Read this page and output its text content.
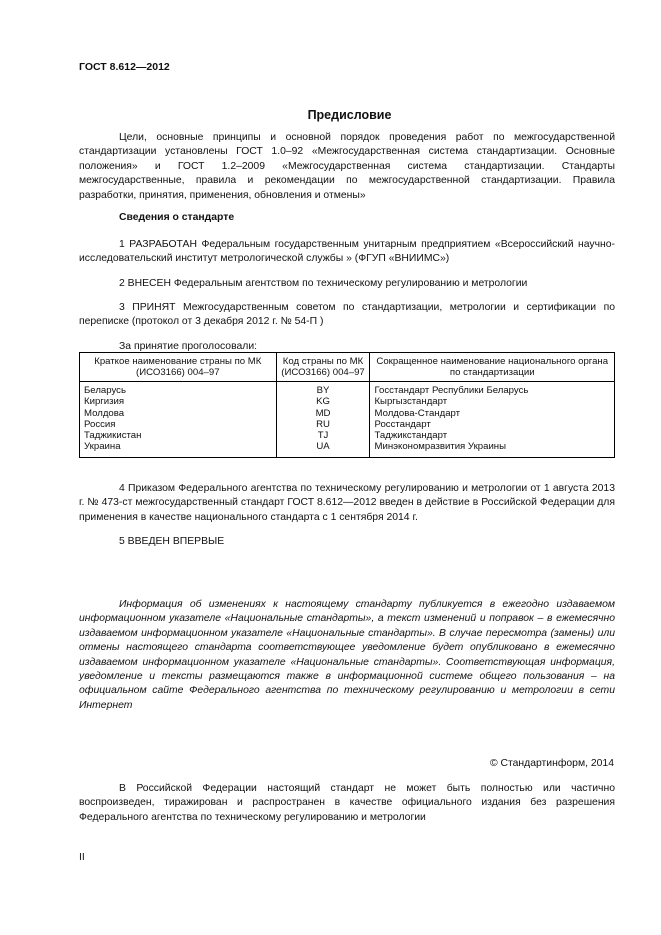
ГОСТ 8.612—2012
Предисловие

Цели, основные принципы и основной порядок проведения работ по межгосударственной стандартизации установлены ГОСТ 1.0–92 «Межгосударственная система стандартизации. Основные положения» и ГОСТ 1.2–2009 «Межгосударственная система стандартизации. Стандарты межгосударственные, правила и рекомендации по межгосударственной стандартизации. Правила разработки, принятия, применения, обновления и отмены»

Сведения о стандарте

1 РАЗРАБОТАН Федеральным государственным унитарным предприятием «Всероссийский научно-исследовательский институт метрологической службы » (ФГУП «ВНИИМС»)

2 ВНЕСЕН Федеральным агентством по техническому регулированию и метрологии

3 ПРИНЯТ Межгосударственным советом по стандартизации, метрологии и сертификации по переписке (протокол от 3 декабря 2012 г. № 54-П )

За принятие проголосовали:

Краткое наименование страны по МК (ИСО3166) 004–97	Код страны по МК (ИСО3166) 004–97	Сокращенное наименование национального органа по стандартизации
Беларусь	BY	Госстандарт Республики Беларусь
Киргизия	KG	Кыргызстандарт
Молдова	MD	Молдова-Стандарт
Россия	RU	Росстандарт
Таджикистан	TJ	Таджикстандарт
Украина	UA	Минэкономразвития Украины

4 Приказом Федерального агентства по техническому регулированию и метрологии от 1 августа 2013 г. № 473-ст межгосударственный стандарт ГОСТ 8.612—2012 введен в действие в Российской Федерации для применения в качестве национального стандарта с 1 сентября 2014 г.

5 ВВЕДЕН ВПЕРВЫЕ

Информация об изменениях к настоящему стандарту публикуется в ежегодно издаваемом информационном указателе «Национальные стандарты», а текст изменений и поправок – в ежемесячно издаваемом информационном указателе «Национальные стандарты». В случае пересмотра (замены) или отмены настоящего стандарта соответствующее уведомление будет опубликовано в ежемесячно издаваемом информационном указателе «Национальные стандарты». Соответствующая информация, уведомление и тексты размещаются также в информационной системе общего пользования – на официальном сайте Федерального агентства по техническому регулированию и метрологии в сети Интернет

© Стандартинформ, 2014

В Российской Федерации настоящий стандарт не может быть полностью или частично воспроизведен, тиражирован и распространен в качестве официального издания без разрешения Федерального агентства по техническому регулированию и метрологии

II
